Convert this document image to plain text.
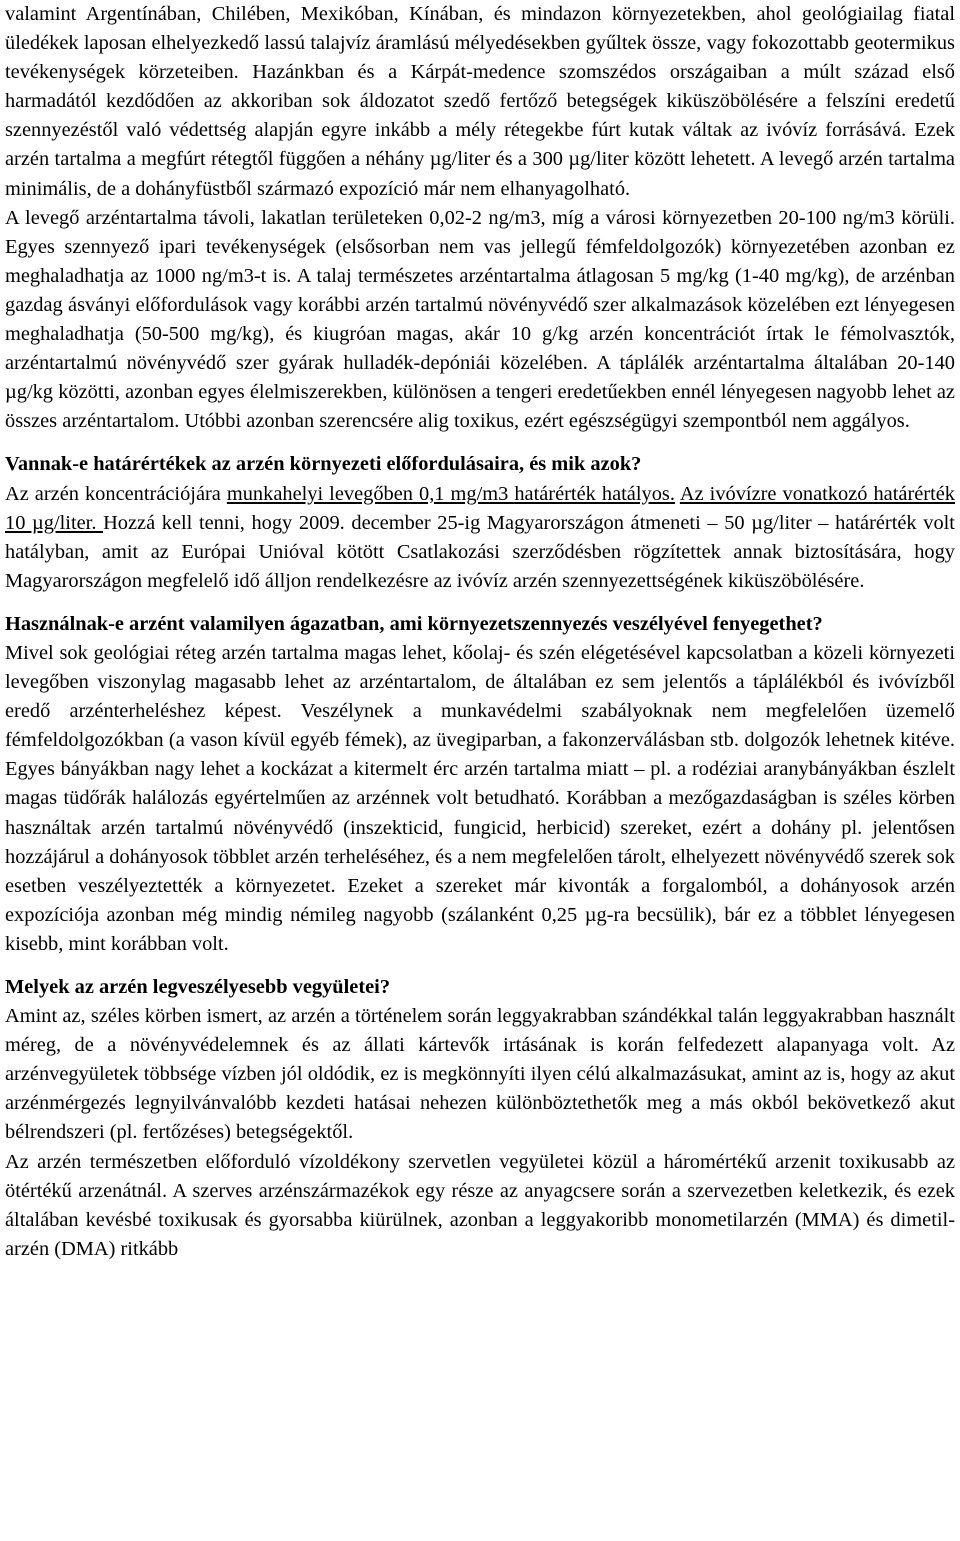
valamint Argentínában, Chilében, Mexikóban, Kínában, és mindazon környezetekben, ahol geológiailag fiatal üledékek laposan elhelyezkedő lassú talajvíz áramlású mélyedésekben gyűltek össze, vagy fokozottabb geotermikus tevékenységek körzeteiben. Hazánkban és a Kárpát-medence szomszédos országaiban a múlt század első harmadától kezdődően az akkoriban sok áldozatot szedő fertőző betegségek kiküszöbölésére a felszíni eredetű szennyezéstől való védettség alapján egyre inkább a mély rétegekbe fúrt kutak váltak az ivóvíz forrásává. Ezek arzén tartalma a megfúrt rétegtől függően a néhány µg/liter és a 300 µg/liter között lehetett. A levegő arzén tartalma minimális, de a dohányfüstből származó expozíció már nem elhanyagolható.

A levegő arzéntartalma távoli, lakatlan területeken 0,02-2 ng/m3, míg a városi környezetben 20-100 ng/m3 körüli. Egyes szennyező ipari tevékenységek (elsősorban nem vas jellegű fémfeldolgozók) környezetében azonban ez meghaladhatja az 1000 ng/m3-t is. A talaj természetes arzéntartalma átlagosan 5 mg/kg (1-40 mg/kg), de arzénban gazdag ásványi előfordulások vagy korábbi arzén tartalmú növényvédő szer alkalmazások közelében ezt lényegesen meghaladhatja (50-500 mg/kg), és kiugróan magas, akár 10 g/kg arzén koncentrációt írtak le fémolvasztók, arzéntartalmú növényvédő szer gyárak hulladék-depóniái közelében. A táplálék arzéntartalma általában 20-140 µg/kg közötti, azonban egyes élelmiszerekben, különösen a tengeri eredetűekben ennél lényegesen nagyobb lehet az összes arzéntartalom. Utóbbi azonban szerencsére alig toxikus, ezért egészségügyi szempontból nem aggályos.

Vannak-e határértékek az arzén környezeti előfordulásaira, és mik azok?

Az arzén koncentrációjára munkahelyi levegőben 0,1 mg/m3 határérték hatályos. Az ivóvízre vonatkozó határérték 10 µg/liter. Hozzá kell tenni, hogy 2009. december 25-ig Magyarországon átmeneti – 50 µg/liter – határérték volt hatályban, amit az Európai Unióval kötött Csatlakozási szerződésben rögzítettek annak biztosítására, hogy Magyarországon megfelelő idő álljon rendelkezésre az ivóvíz arzén szennyezettségének kiküszöbölésére.

Használnak-e arzént valamilyen ágazatban, ami környezetszennyezés veszélyével fenyegethet?

Mivel sok geológiai réteg arzén tartalma magas lehet, kőolaj- és szén elégetésével kapcsolatban a közeli környezeti levegőben viszonylag magasabb lehet az arzéntartalom, de általában ez sem jelentős a táplálékból és ivóvízből eredő arzénterheléshez képest. Veszélynek a munkavédelmi szabályoknak nem megfelelően üzemelő fémfeldolgozókban (a vason kívül egyéb fémek), az üvegiparban, a fakonzerválásban stb. dolgozók lehetnek kitéve. Egyes bányákban nagy lehet a kockázat a kitermelt érc arzén tartalma miatt – pl. a rodéziai aranybányákban észlelt magas tüdőrák halálozás egyértelműen az arzénnek volt betudható. Korábban a mezőgazdaságban is széles körben használtak arzén tartalmú növényvédő (inszekticid, fungicid, herbicid) szereket, ezért a dohány pl. jelentősen hozzájárul a dohányosok többlet arzén terheléséhez, és a nem megfelelően tárolt, elhelyezett növényvédő szerek sok esetben veszélyeztették a környezetet. Ezeket a szereket már kivonták a forgalomból, a dohányosok arzén expozíciója azonban még mindig némileg nagyobb (szálanként 0,25 µg-ra becsülik), bár ez a többlet lényegesen kisebb, mint korábban volt.

Melyek az arzén legveszélyesebb vegyületei?

Amint az, széles körben ismert, az arzén a történelem során leggyakrabban szándékkal talán leggyakrabban használt méreg, de a növényvédelemnek és az állati kártevők irtásának is korán felfedezett alapanyaga volt. Az arzénvegyületek többsége vízben jól oldódik, ez is megkönnyíti ilyen célú alkalmazásukat, amint az is, hogy az akut arzénmérgezés legnyilvánvalóbb kezdeti hatásai nehezen különböztethetők meg a más okból bekövetkező akut bélrendszeri (pl. fertőzéses) betegségektől.

Az arzén természetben előforduló vízoldékony szervetlen vegyületei közül a háromértékű arzenit toxikusabb az ötértékű arzenátnál. A szerves arzénszármazékok egy része az anyagcsere során a szervezetben keletkezik, és ezek általában kevésbé toxikusak és gyorsabba kiürülnek, azonban a leggyakoribb monometilarzén (MMA) és dimetil-arzén (DMA) ritkább
